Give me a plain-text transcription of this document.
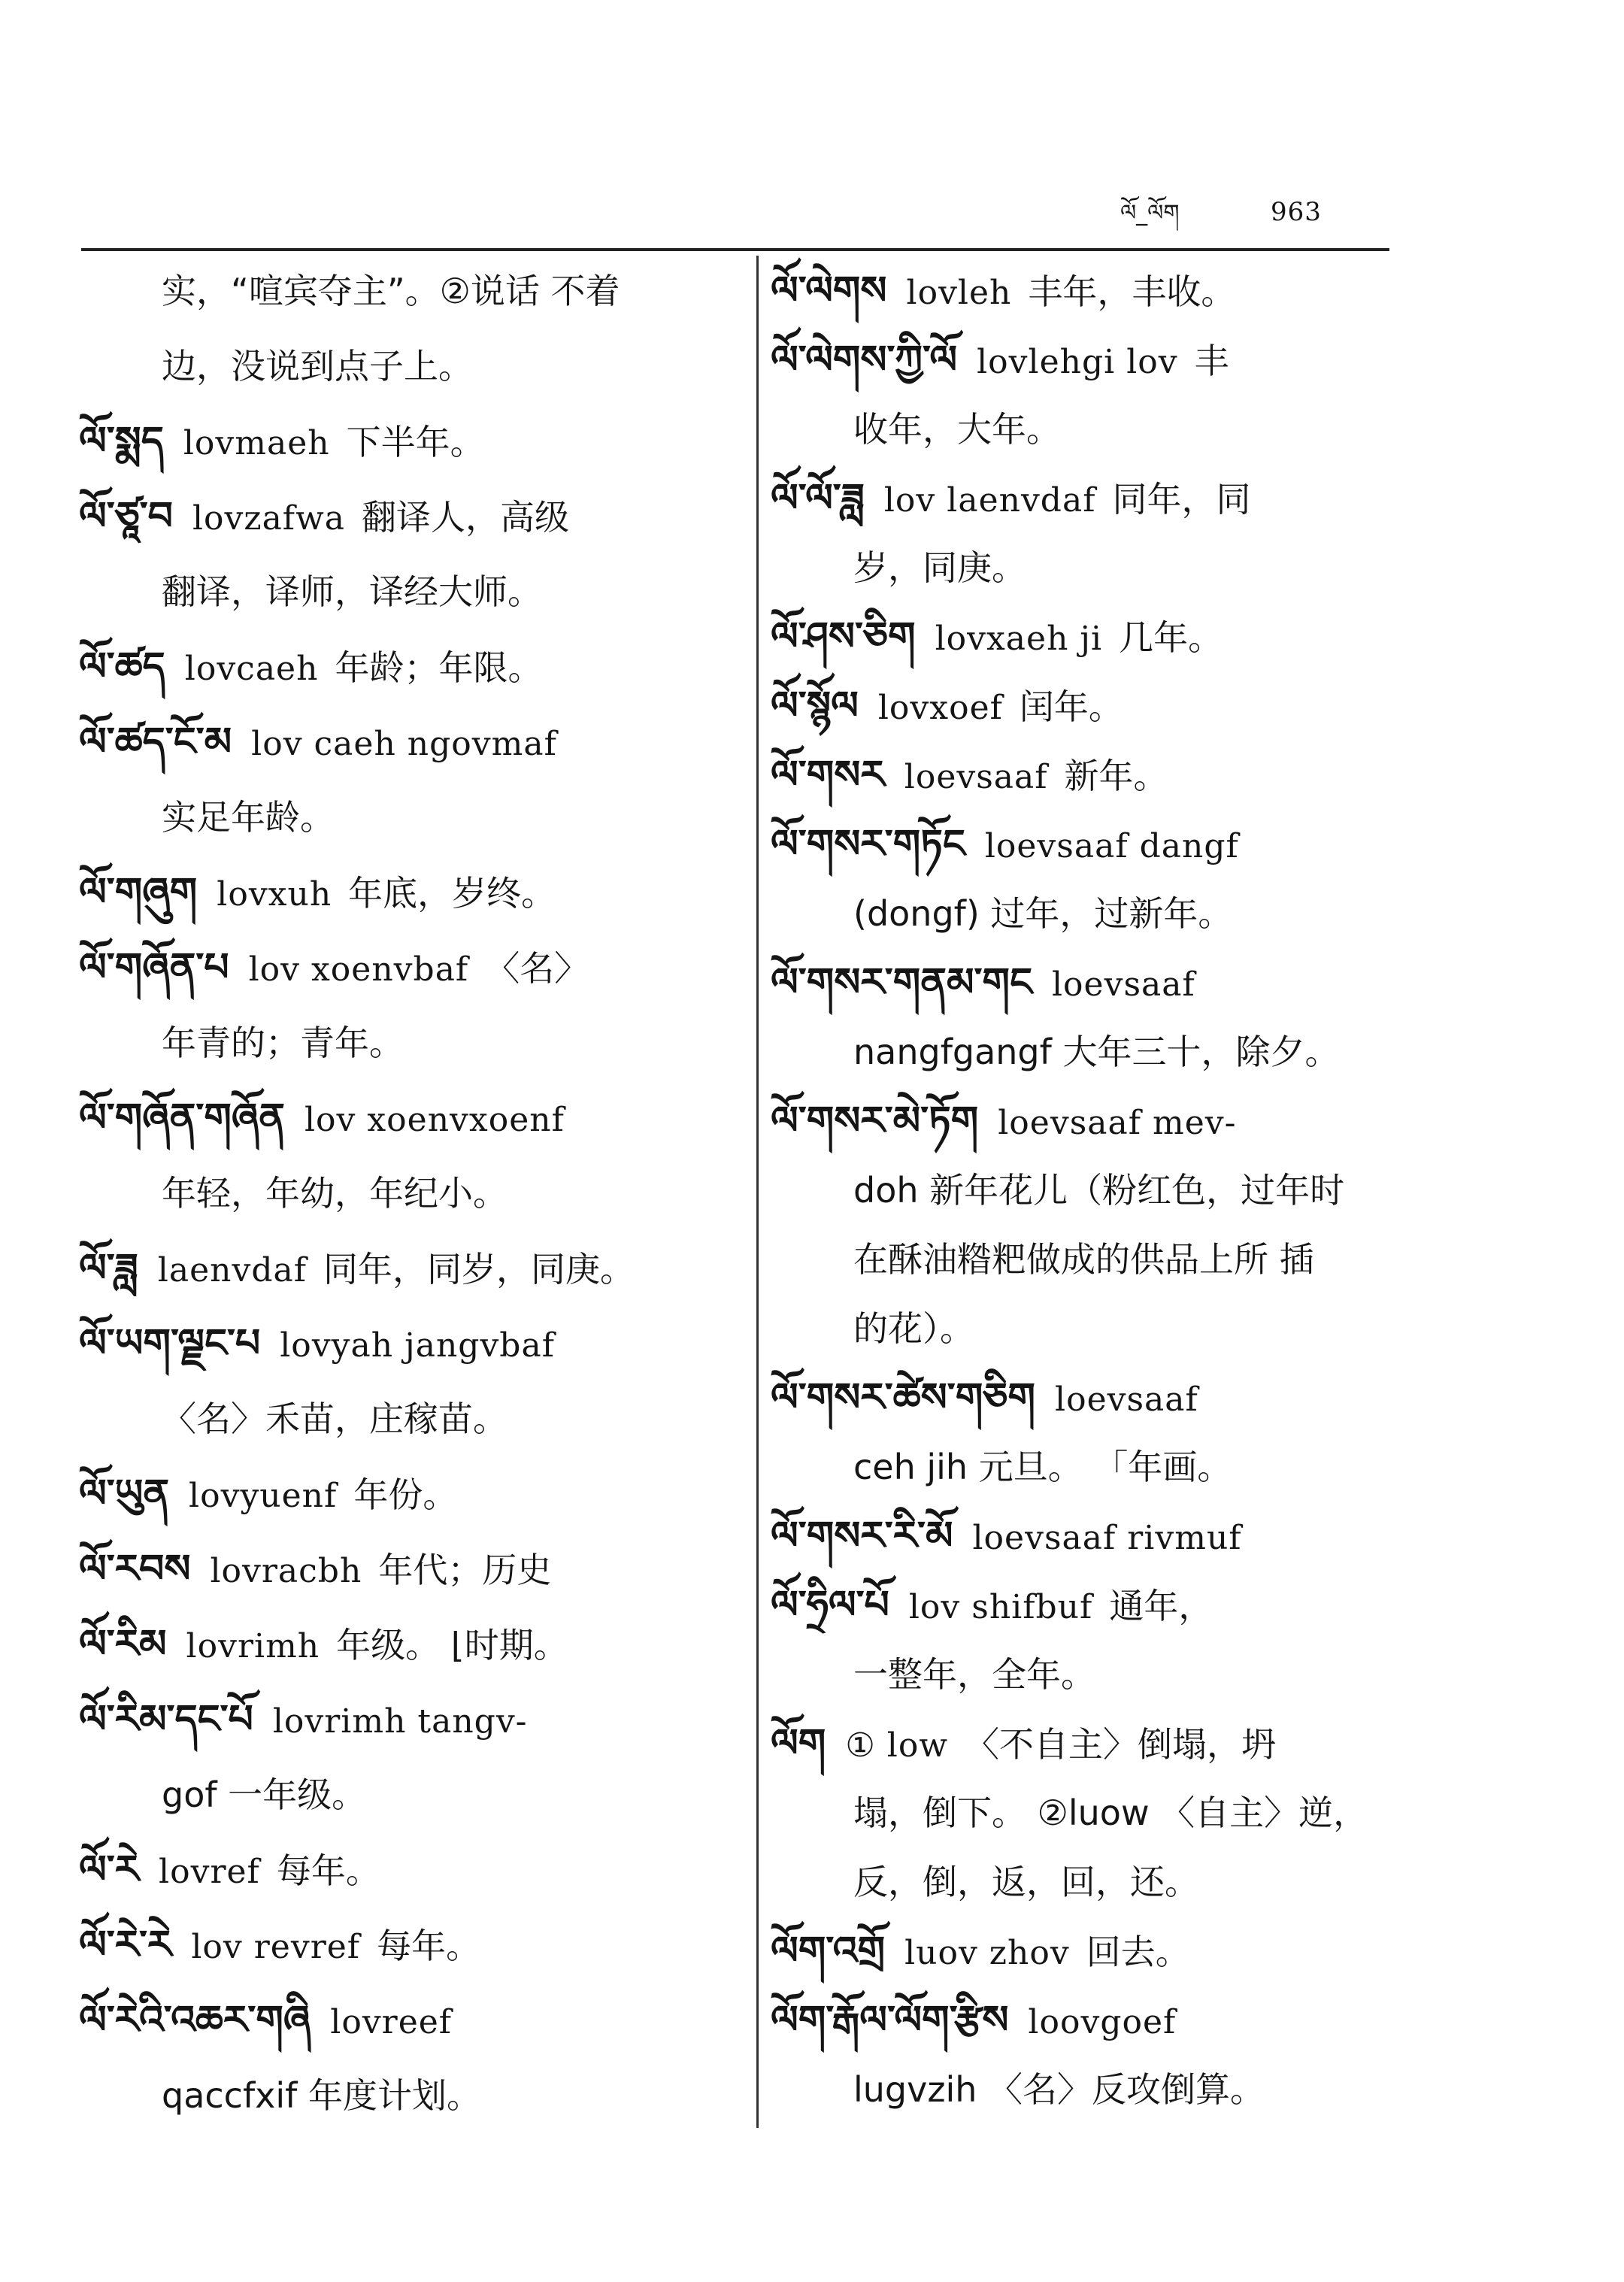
ལོ_ལོག	963
实，“喧宾夺主”。②说话 不着
边，没说到点子上。
ལོ་སྨད lovmaeh 下半年。
ལོ་ཙཱ་བ lovzafwa 翻译人，高级
翻译，译师，译经大师。
ལོ་ཚད lovcaeh 年龄；年限。
ལོ་ཚད་ངོ་མ lov caeh ngovmaf
实足年龄。
ལོ་གཞུག lovxuh 年底，岁终。
ལོ་གཞོན་པ lov xoenvbaf 〈名〉
年青的；青年。
ལོ་གཞོན་གཞོན lov xoenvxoenf
年轻，年幼，年纪小。
ལོ་ཟླ laenvdaf 同年，同岁，同庚。
ལོ་ཡག་ལྗང་པ lovyah jangvbaf
〈名〉禾苗，庄稼苗。
ལོ་ཡུན lovyuenf 年份。
ལོ་རབས lovracbh 年代；历史
ལོ་རིམ lovrimh 年级。 ⌊时期。
ལོ་རིམ་དང་པོ lovrimh tangv-
gof 一年级。
ལོ་རེ lovref 每年。
ལོ་རེ་རེ lov revref 每年。
ལོ་རེའི་འཆར་གཞི lovreef
qaccfxif 年度计划。
ལོ་ལེགས lovleh 丰年，丰收。
ལོ་ལེགས་ཀྱི་ལོ lovlehgi lov 丰
收年，大年。
ལོ་ལོ་ཟླ lov laenvdaf 同年，同
岁，同庚。
ལོ་ཤས་ཅིག lovxaeh ji 几年。
ལོ་སྙོལ lovxoef 闰年。
ལོ་གསར loevsaaf 新年。
ལོ་གསར་གཏོང loevsaaf dangf
(dongf) 过年，过新年。
ལོ་གསར་གནམ་གང loevsaaf
nangfgangf 大年三十，除夕。
ལོ་གསར་མེ་ཏོག loevsaaf mev-
doh 新年花儿（粉红色，过年时
在酥油糌粑做成的供品上所 插
的花）。
ལོ་གསར་ཚེས་གཅིག loevsaaf
ceh jih 元旦。 「年画。
ལོ་གསར་རི་མོ loevsaaf rivmuf
ལོ་ཧྲིལ་པོ lov shifbuf 通年，
一整年，全年。
ལོག ① low 〈不自主〉倒塌，坍
塌，倒下。 ②luow 〈自主〉逆，
反，倒，返，回，还。
ལོག་འགྲོ luov zhov 回去。
ལོག་རྒོལ་ལོག་རྩིས loovgoef
lugvzih 〈名〉反攻倒算。
